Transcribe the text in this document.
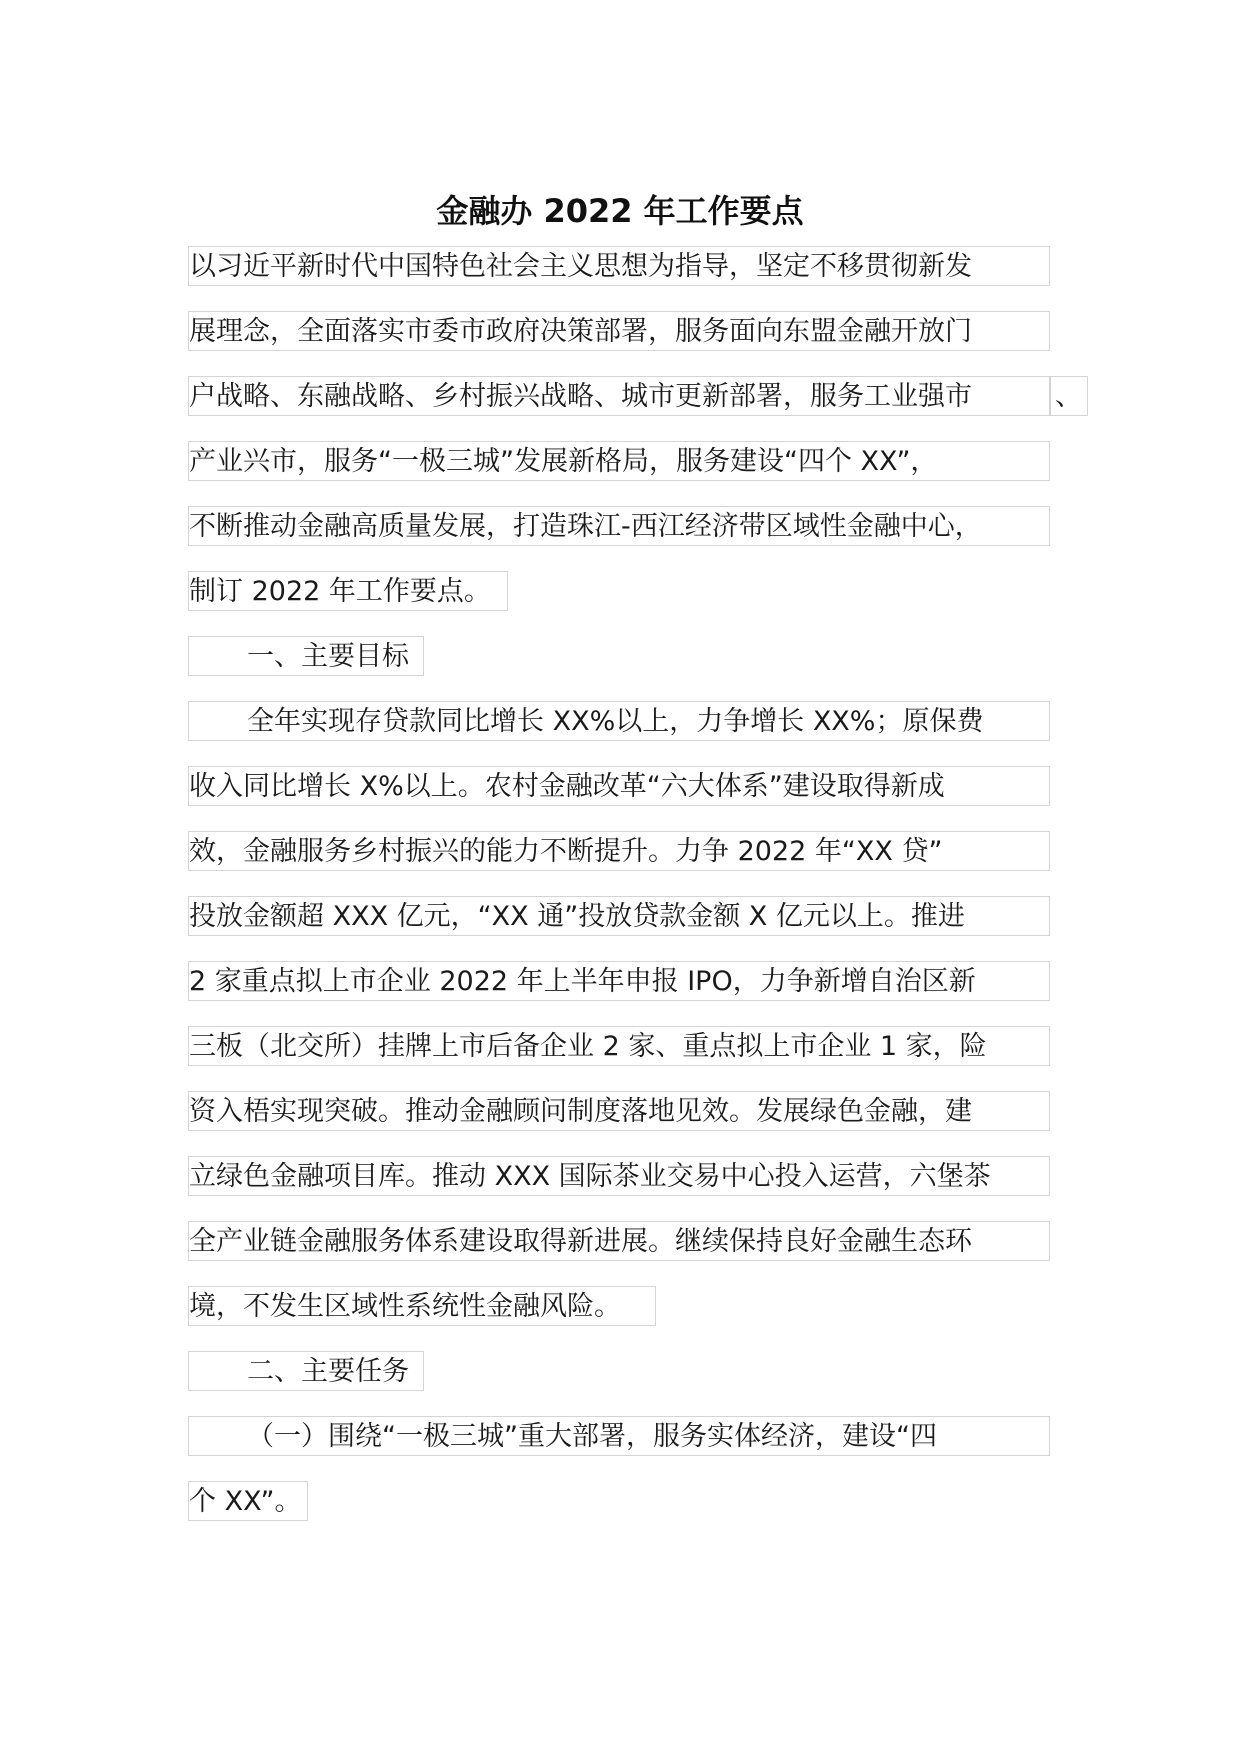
金融办 2022 年工作要点
以习近平新时代中国特色社会主义思想为指导，坚定不移贯彻新发
展理念，全面落实市委市政府决策部署，服务面向东盟金融开放门
户战略、东融战略、乡村振兴战略、城市更新部署，服务工业强市	、
产业兴市，服务“一极三城”发展新格局，服务建设“四个 XX”，
不断推动金融高质量发展，打造珠江-西江经济带区域性金融中心，
制订 2022 年工作要点。
一、主要目标
全年实现存贷款同比增长 XX%以上，力争增长 XX%；原保费
收入同比增长 X%以上。农村金融改革“六大体系”建设取得新成
效，金融服务乡村振兴的能力不断提升。力争 2022 年“XX 贷”
投放金额超 XXX 亿元，“XX 通”投放贷款金额 X 亿元以上。推进
2 家重点拟上市企业 2022 年上半年申报 IPO，力争新增自治区新
三板（北交所）挂牌上市后备企业 2 家、重点拟上市企业 1 家，险
资入梧实现突破。推动金融顾问制度落地见效。发展绿色金融，建
立绿色金融项目库。推动 XXX 国际茶业交易中心投入运营，六堡茶
全产业链金融服务体系建设取得新进展。继续保持良好金融生态环
境，不发生区域性系统性金融风险。
二、主要任务
（一）围绕“一极三城”重大部署，服务实体经济，建设“四
个 XX”。
